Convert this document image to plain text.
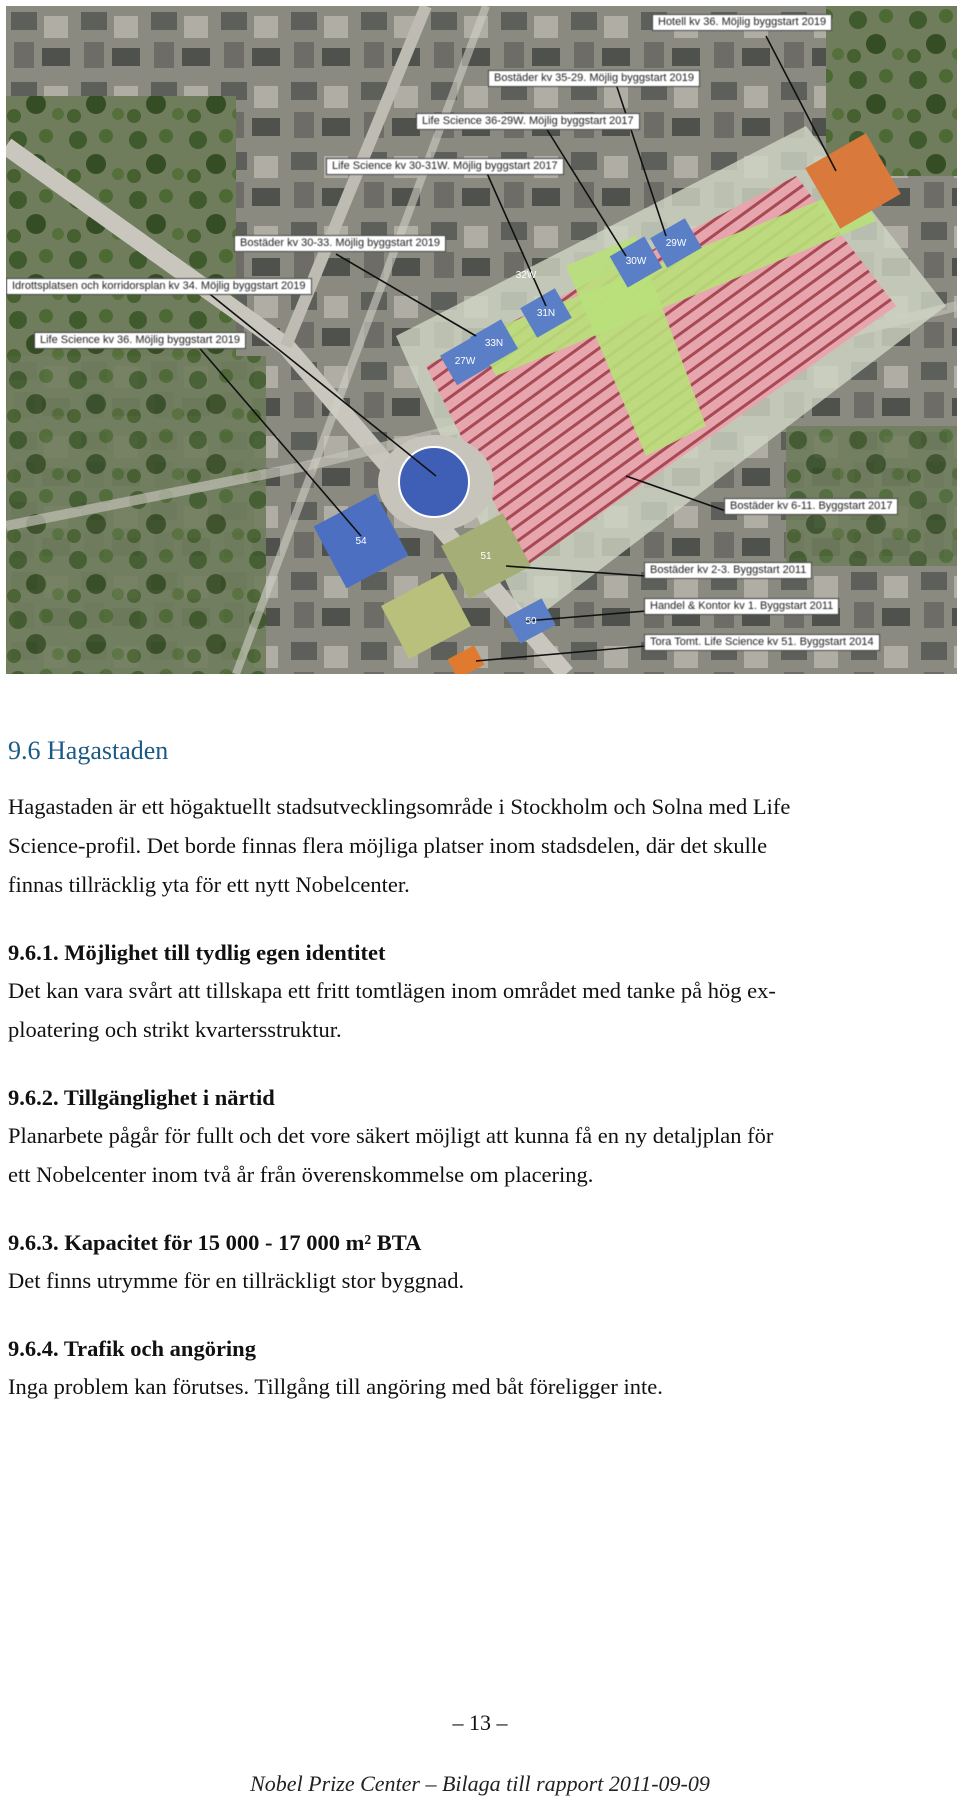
30W
29W
31N
27W
33N
32W
54
51
50
Hotell kv 36. Möjlig byggstart 2019
Bostäder kv 35-29. Möjlig byggstart 2019
Life Science 36-29W. Möjlig byggstart 2017
Life Science kv 30-31W. Möjlig byggstart 2017
Bostäder kv 30-33. Möjlig byggstart 2019
Idrottsplatsen och korridorsplan kv 34. Möjlig byggstart 2019
Life Science kv 36. Möjlig byggstart 2019
Bostäder kv 6-11. Byggstart 2017
Bostäder kv 2-3. Byggstart 2011
Handel & Kontor kv 1. Byggstart 2011
Tora Tomt. Life Science kv 51. Byggstart 2014
9.6 Hagastaden

Hagastaden är ett högaktuellt stadsutvecklingsområde i Stockholm och Solna med Life

Science-profil. Det borde finnas flera möjliga platser inom stadsdelen, där det skulle

finnas tillräcklig yta för ett nytt Nobelcenter.

9.6.1. Möjlighet till tydlig egen identitet

Det kan vara svårt att tillskapa ett fritt tomtlägen inom området med tanke på hög ex-

ploatering och strikt kvartersstruktur.

9.6.2. Tillgänglighet i närtid

Planarbete pågår för fullt och det vore säkert möjligt att kunna få en ny detaljplan för

ett Nobelcenter inom två år från överenskommelse om placering.

9.6.3. Kapacitet för 15 000 - 17 000 m² BTA

Det finns utrymme för en tillräckligt stor byggnad.

9.6.4. Trafik och angöring

Inga problem kan förutses. Tillgång till angöring med båt föreligger inte.

– 13 –
Nobel Prize Center – Bilaga till rapport 2011-09-09
